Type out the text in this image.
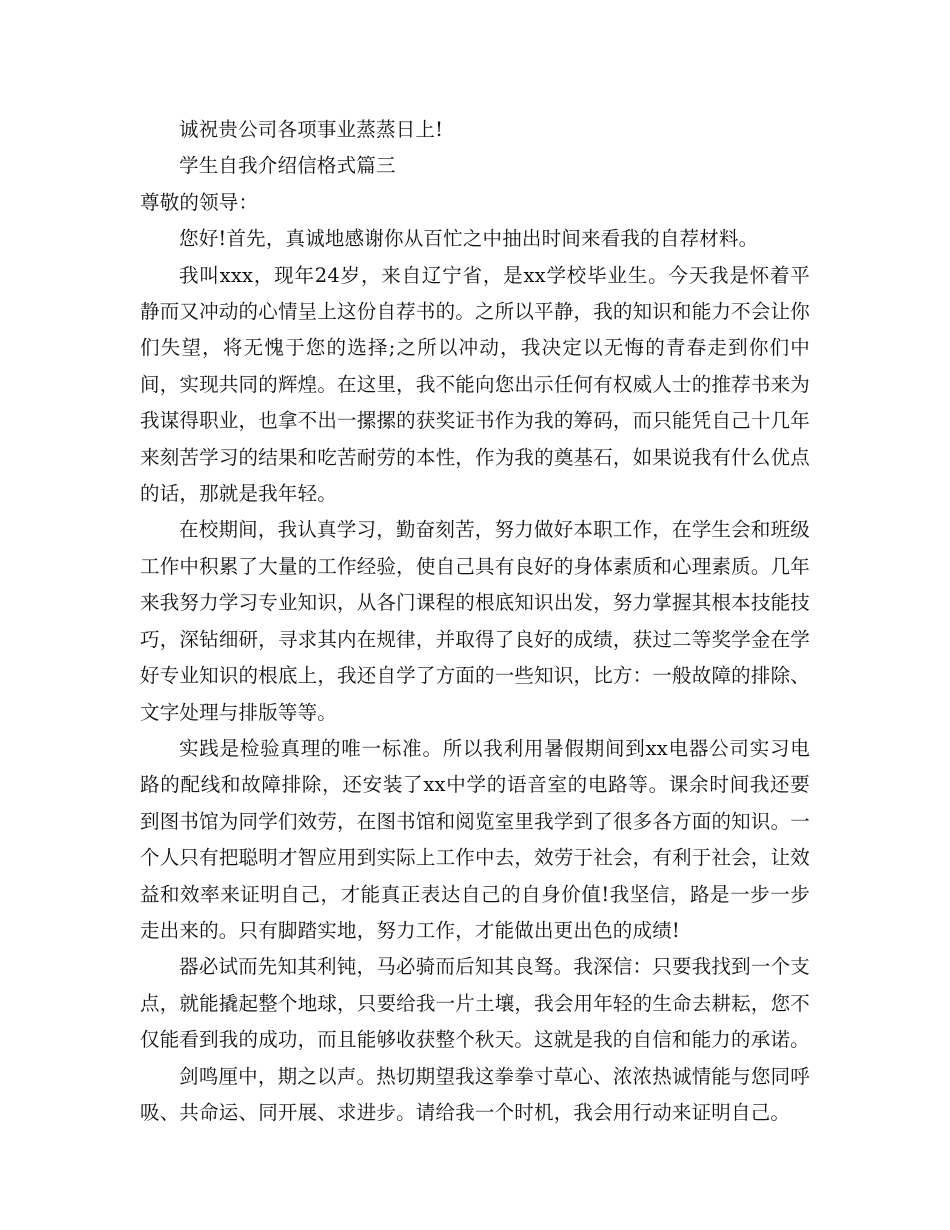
诚祝贵公司各项事业蒸蒸日上!

学生自我介绍信格式篇三

尊敬的领导：

您好!首先，真诚地感谢你从百忙之中抽出时间来看我的自荐材料。

我叫xxx，现年24岁，来自辽宁省，是xx学校毕业生。今天我是怀着平静而又冲动的心情呈上这份自荐书的。之所以平静，我的知识和能力不会让你们失望，将无愧于您的选择;之所以冲动，我决定以无悔的青春走到你们中间，实现共同的辉煌。在这里，我不能向您出示任何有权威人士的推荐书来为我谋得职业，也拿不出一摞摞的获奖证书作为我的筹码，而只能凭自己十几年来刻苦学习的结果和吃苦耐劳的本性，作为我的奠基石，如果说我有什么优点的话，那就是我年轻。

在校期间，我认真学习，勤奋刻苦，努力做好本职工作，在学生会和班级工作中积累了大量的工作经验，使自己具有良好的身体素质和心理素质。几年来我努力学习专业知识，从各门课程的根底知识出发，努力掌握其根本技能技巧，深钻细研，寻求其内在规律，并取得了良好的成绩，获过二等奖学金在学好专业知识的根底上，我还自学了方面的一些知识，比方：一般故障的排除、文字处理与排版等等。

实践是检验真理的唯一标准。所以我利用暑假期间到xx电器公司实习电路的配线和故障排除，还安装了xx中学的语音室的电路等。课余时间我还要到图书馆为同学们效劳，在图书馆和阅览室里我学到了很多各方面的知识。一个人只有把聪明才智应用到实际上工作中去，效劳于社会，有利于社会，让效益和效率来证明自己，才能真正表达自己的自身价值!我坚信，路是一步一步走出来的。只有脚踏实地，努力工作，才能做出更出色的成绩!

器必试而先知其利钝，马必骑而后知其良驽。我深信：只要我找到一个支点，就能撬起整个地球，只要给我一片土壤，我会用年轻的生命去耕耘，您不仅能看到我的成功，而且能够收获整个秋天。这就是我的自信和能力的承诺。

剑鸣厘中，期之以声。热切期望我这拳拳寸草心、浓浓热诚情能与您同呼吸、共命运、同开展、求进步。请给我一个时机，我会用行动来证明自己。
